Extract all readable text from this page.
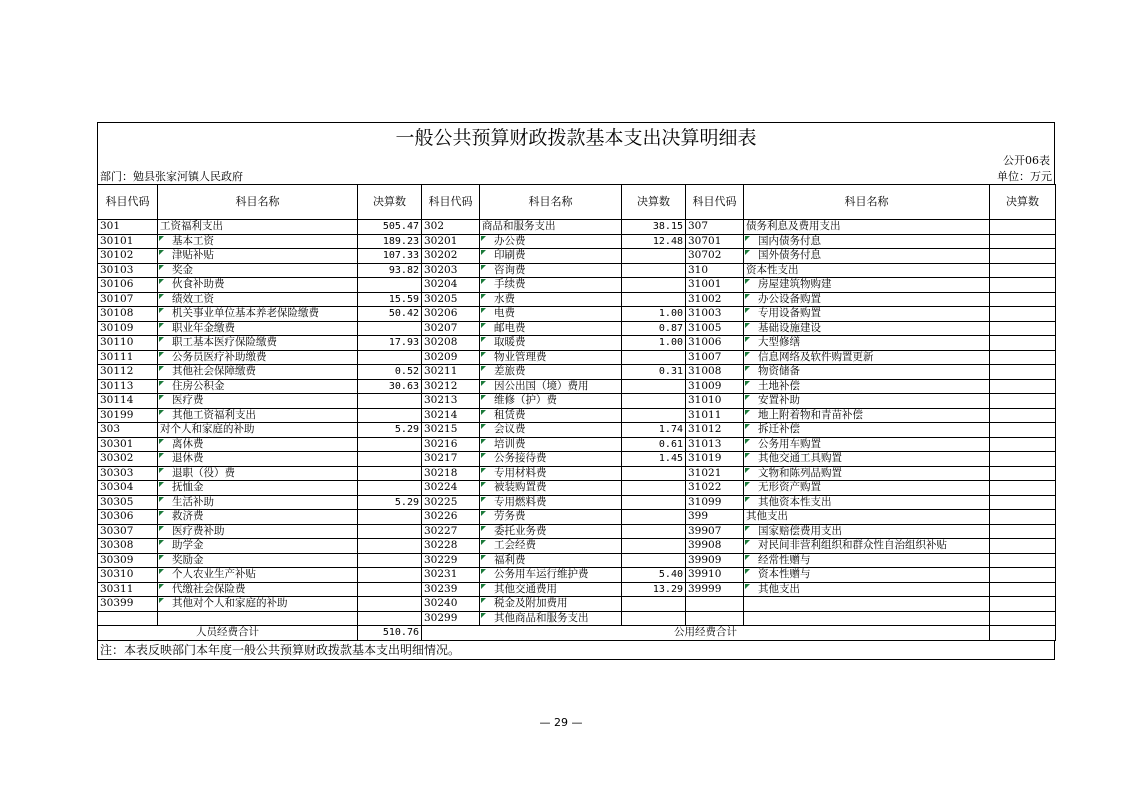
一般公共预算财政拨款基本支出决算明细表
公开06表
部门：勉县张家河镇人民政府	单位：万元
科目代码	科目名称	决算数	科目代码	科目名称	决算数	科目代码	科目名称	决算数
301	工资福利支出	505.47	302	商品和服务支出	38.15	307	债务利息及费用支出	
30101	基本工资	189.23	30201	办公费	12.48	30701	国内债务付息	
30102	津贴补贴	107.33	30202	印刷费		30702	国外债务付息	
30103	奖金	93.82	30203	咨询费		310	资本性支出	
30106	伙食补助费		30204	手续费		31001	房屋建筑物购建	
30107	绩效工资	15.59	30205	水费		31002	办公设备购置	
30108	机关事业单位基本养老保险缴费	50.42	30206	电费	1.00	31003	专用设备购置	
30109	职业年金缴费		30207	邮电费	0.87	31005	基础设施建设	
30110	职工基本医疗保险缴费	17.93	30208	取暖费	1.00	31006	大型修缮	
30111	公务员医疗补助缴费		30209	物业管理费		31007	信息网络及软件购置更新	
30112	其他社会保障缴费	0.52	30211	差旅费	0.31	31008	物资储备	
30113	住房公积金	30.63	30212	因公出国（境）费用		31009	土地补偿	
30114	医疗费		30213	维修（护）费		31010	安置补助	
30199	其他工资福利支出		30214	租赁费		31011	地上附着物和青苗补偿	
303	对个人和家庭的补助	5.29	30215	会议费	1.74	31012	拆迁补偿	
30301	离休费		30216	培训费	0.61	31013	公务用车购置	
30302	退休费		30217	公务接待费	1.45	31019	其他交通工具购置	
30303	退职（役）费		30218	专用材料费		31021	文物和陈列品购置	
30304	抚恤金		30224	被装购置费		31022	无形资产购置	
30305	生活补助	5.29	30225	专用燃料费		31099	其他资本性支出	
30306	救济费		30226	劳务费		399	其他支出	
30307	医疗费补助		30227	委托业务费		39907	国家赔偿费用支出	
30308	助学金		30228	工会经费		39908	对民间非营利组织和群众性自治组织补贴	
30309	奖励金		30229	福利费		39909	经常性赠与	
30310	个人农业生产补贴		30231	公务用车运行维护费	5.40	39910	资本性赠与	
30311	代缴社会保险费		30239	其他交通费用	13.29	39999	其他支出	
30399	其他对个人和家庭的补助		30240	税金及附加费用				
			30299	其他商品和服务支出				
人员经费合计		510.76	公用经费合计					
注：本表反映部门本年度一般公共预算财政拨款基本支出明细情况。
— 29 —
